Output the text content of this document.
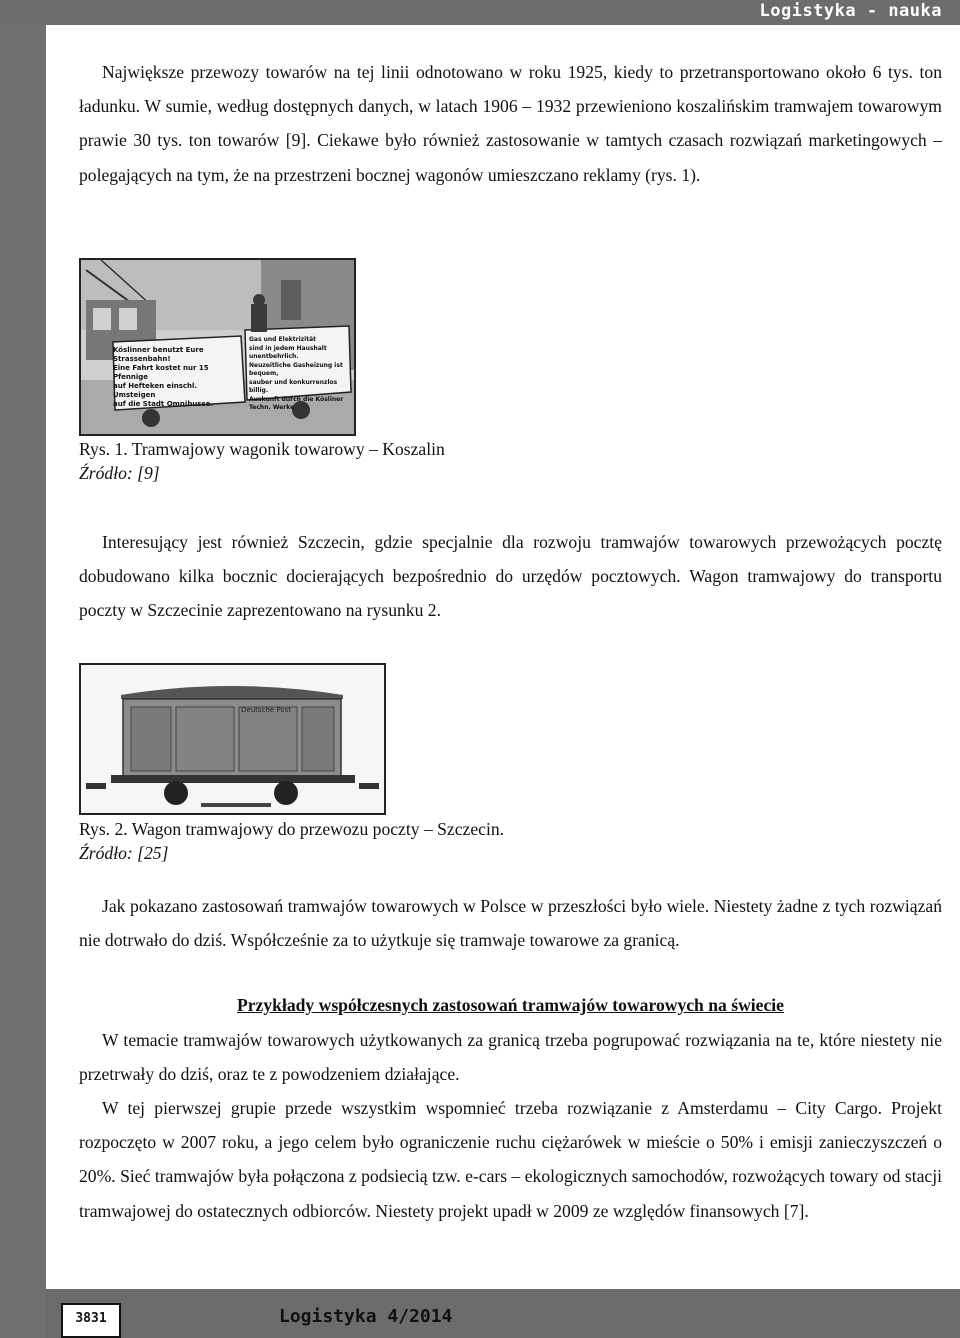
Logistyka - nauka

Największe przewozy towarów na tej linii odnotowano w roku 1925, kiedy to przetransportowano około 6 tys. ton ładunku. W sumie, według dostępnych danych, w latach 1906 – 1932 przewieniono koszalińskim tramwajem towarowym prawie 30 tys. ton towarów [9]. Ciekawe było również zastosowanie w tamtych czasach rozwiązań marketingowych – polegających na tym, że na przestrzeni bocznej wagonów umieszczano reklamy (rys. 1).

Köslinner benutzt Eure Strassenbahn!
Eine Fahrt kostet nur 15 Pfennige
auf Hefteken einschl. Umsteigen
auf die Stadt Omnibusse.
Gas und Elektrizität
sind in jedem Haushalt unentbehrlich.
Neuzeitliche Gasheizung ist bequem,
sauber und konkurrenzlos billig.
Auskunft durch die Kösliner Techn. Werke
Rys. 1. Tramwajowy wagonik towarowy – Koszalin
Źródło: [9]

Interesujący jest również Szczecin, gdzie specjalnie dla rozwoju tramwajów towarowych przewożących pocztę dobudowano kilka bocznic docierających bezpośrednio do urzędów pocztowych. Wagon tramwajowy do transportu poczty w Szczecinie zaprezentowano na rysunku 2.

Deutsche Post
Rys. 2. Wagon tramwajowy do przewozu poczty – Szczecin.
Źródło: [25]

Jak pokazano zastosowań tramwajów towarowych w Polsce w przeszłości było wiele. Niestety żadne z tych rozwiązań nie dotrwało do dziś. Współcześnie za to użytkuje się tramwaje towarowe za granicą.

Przykłady współczesnych zastosowań tramwajów towarowych na świecie

W temacie tramwajów towarowych użytkowanych za granicą trzeba pogrupować rozwiązania na te, które niestety nie przetrwały do dziś, oraz te z powodzeniem działające.

W tej pierwszej grupie przede wszystkim wspomnieć trzeba rozwiązanie z Amsterdamu – City Cargo. Projekt rozpoczęto w 2007 roku, a jego celem było ograniczenie ruchu ciężarówek w mieście o 50% i emisji zanieczyszczeń o 20%. Sieć tramwajów była połączona z podsiecią tzw. e-cars – ekologicznych samochodów, rozwożących towary od stacji tramwajowej do ostatecznych odbiorców. Niestety projekt upadł w 2009 ze względów finansowych [7].

3831	Logistyka 4/2014
